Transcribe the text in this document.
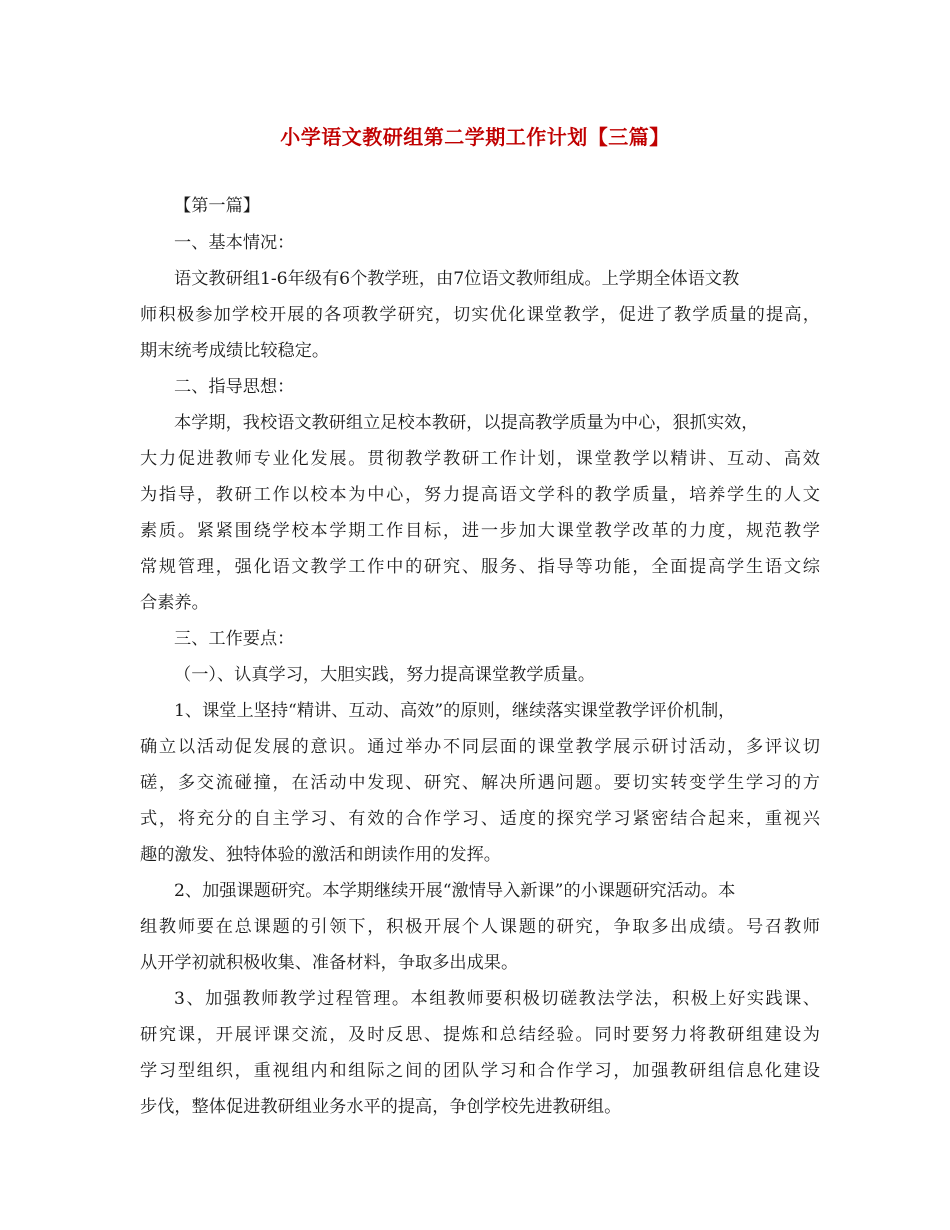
小学语文教研组第二学期工作计划【三篇】
【第一篇】
一、基本情况：
语文教研组1-6年级有6个教学班，由7位语文教师组成。上学期全体语文教
师积极参加学校开展的各项教学研究，切实优化课堂教学，促进了教学质量的提高，
期末统考成绩比较稳定。
二、指导思想：
本学期，我校语文教研组立足校本教研，以提高教学质量为中心，狠抓实效，
大力促进教师专业化发展。贯彻教学教研工作计划，课堂教学以精讲、互动、高效
为指导，教研工作以校本为中心，努力提高语文学科的教学质量，培养学生的人文
素质。紧紧围绕学校本学期工作目标，进一步加大课堂教学改革的力度，规范教学
常规管理，强化语文教学工作中的研究、服务、指导等功能，全面提高学生语文综
合素养。
三、工作要点：
（一）、认真学习，大胆实践，努力提高课堂教学质量。
1、课堂上坚持“精讲、互动、高效”的原则，继续落实课堂教学评价机制，
确立以活动促发展的意识。通过举办不同层面的课堂教学展示研讨活动，多评议切
磋，多交流碰撞，在活动中发现、研究、解决所遇问题。要切实转变学生学习的方
式，将充分的自主学习、有效的合作学习、适度的探究学习紧密结合起来，重视兴
趣的激发、独特体验的激活和朗读作用的发挥。
2、加强课题研究。本学期继续开展“激情导入新课”的小课题研究活动。本
组教师要在总课题的引领下，积极开展个人课题的研究，争取多出成绩。号召教师
从开学初就积极收集、准备材料，争取多出成果。
3、加强教师教学过程管理。本组教师要积极切磋教法学法，积极上好实践课、
研究课，开展评课交流，及时反思、提炼和总结经验。同时要努力将教研组建设为
学习型组织，重视组内和组际之间的团队学习和合作学习，加强教研组信息化建设
步伐，整体促进教研组业务水平的提高，争创学校先进教研组。
